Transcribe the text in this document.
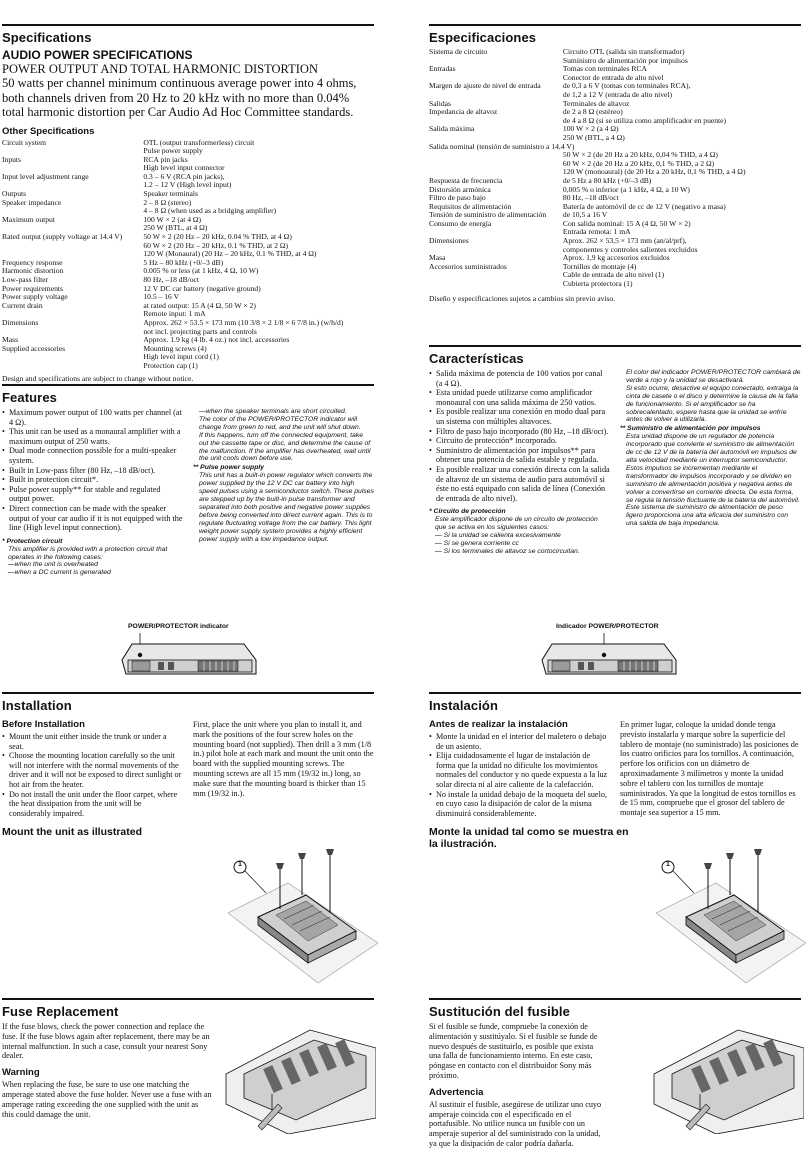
Specifications
AUDIO POWER SPECIFICATIONS
POWER OUTPUT AND TOTAL HARMONIC DISTORTION

50 watts per channel minimum continuous average power into 4 ohms, both channels driven from 20 Hz to 20 kHz with no more than 0.04% total harmonic distortion per Car Audio Ad Hoc Committee standards.

Other Specifications
Circuit system	OTL (output transformerless) circuit
	Pulse power supply
Inputs	RCA pin jacks
	High level input connector
Input level adjustment range	0.3 – 6 V (RCA pin jacks),
	1.2 – 12 V (High level input)
Outputs	Speaker terminals
Speaker impedance	2 – 8 Ω (stereo)
	4 – 8 Ω (when used as a bridging amplifier)
Maximum output	100 W × 2 (at 4 Ω)
	250 W (BTL, at 4 Ω)
Rated output (supply voltage at 14.4 V)	50 W × 2 (20 Hz – 20 kHz, 0.04 % THD, at 4 Ω)
	60 W × 2 (20 Hz – 20 kHz, 0.1 % THD, at 2 Ω)
	120 W (Monaural) (20 Hz – 20 kHz, 0.1 % THD, at 4 Ω)
Frequency response	5 Hz – 80 kHz (+0/–3 dB)
Harmonic distortion	0.005 % or less (at 1 kHz, 4 Ω, 10 W)
Low-pass filter	80 Hz, –18 dB/oct
Power requirements	12 V DC car battery (negative ground)
Power supply voltage	10.5 – 16 V
Current drain	at rated output: 15 A (4 Ω, 50 W × 2)
	Remote input: 1 mA
Dimensions	Approx. 262 × 53.5 × 173 mm (10 3/8 × 2 1/8 × 6 7/8 in.) (w/h/d)
	not incl. projecting parts and controls
Mass	Approx. 1.9 kg (4 lb. 4 oz.) not incl. accessories
Supplied accessories	Mounting screws (4)
	High level input cord (1)
	Protection cap (1)

Design and specifications are subject to change without notice.

Features
• Maximum power output of 100 watts per channel (at 4 Ω).
• This unit can be used as a monaural amplifier with a maximum output of 250 watts.
• Dual mode connection possible for a multi-speaker system.
• Built in Low-pass filter (80 Hz, –18 dB/oct).
• Built in protection circuit*.
• Pulse power supply** for stable and regulated output power.
• Direct connection can be made with the speaker output of your car audio if it is not equipped with the line (High level input connection).
* Protection circuit
This amplifier is provided with a protection circuit that operates in the following cases:
—when the unit is overheated
—when a DC current is generated
—when the speaker terminals are short circuited.
The color of the POWER/PROTECTOR indicator will change from green to red, and the unit will shut down.
If this happens, turn off the connected equipment, take out the cassette tape or disc, and determine the cause of the malfunction. If the amplifier has overheated, wait until the unit cools down before use.
** Pulse power supply
This unit has a built-in power regulator which converts the power supplied by the 12 V DC car battery into high speed pulses using a semiconductor switch. These pulses are stepped up by the built-in pulse transformer and separated into both positive and negative power supplies before being converted into direct current again. This is to regulate fluctuating voltage from the car battery. This light weight power supply system provides a highly efficient power supply with a low impedance output.
POWER/PROTECTOR indicator
Installation
Before Installation
• Mount the unit either inside the trunk or under a seat.
• Choose the mounting location carefully so the unit will not interfere with the normal movements of the driver and it will not be exposed to direct sunlight or hot air from the heater.
• Do not install the unit under the floor carpet, where the heat dissipation from the unit will be considerably impaired.

First, place the unit where you plan to install it, and mark the positions of the four screw holes on the mounting board (not supplied). Then drill a 3 mm (1/8 in.) pilot hole at each mark and mount the unit onto the board with the supplied mounting screws. The mounting screws are all 15 mm (19/32 in.) long, so make sure that the mounting board is thicker than 15 mm (19/32 in.).

Mount the unit as illustrated
1
Fuse Replacement

If the fuse blows, check the power connection and replace the fuse. If the fuse blows again after replacement, there may be an internal malfunction. In such a case, consult your nearest Sony dealer.

Warning

When replacing the fuse, be sure to use one matching the amperage stated above the fuse holder. Never use a fuse with an amperage rating exceeding the one supplied with the unit as this could damage the unit.

Especificaciones
Sistema de circuito	Circuito OTL (salida sin transformador)
	Suministro de alimentación por impulsos
Entradas	Tomas con terminales RCA
	Conector de entrada de alto nivel
Margen de ajuste de nivel de entrada	de 0,3 a 6 V (tomas con terminales RCA),
	de 1,2 a 12 V (entrada de alto nivel)
Salidas	Terminales de altavoz
Impedancia de altavoz	de 2 a 8 Ω (estéreo)
	de 4 a 8 Ω (si se utiliza como amplificador en puente)
Salida máxima	100 W × 2 (a 4 Ω)
	250 W (BTL, a 4 Ω)
Salida nominal (tensión de suministro a 14,4 V)	
	50 W × 2 (de 20 Hz a 20 kHz, 0,04 % THD, a 4 Ω)
	60 W × 2 (de 20 Hz a 20 kHz, 0,1 % THD, a 2 Ω)
	120 W (monoaural) (de 20 Hz a 20 kHz, 0,1 % THD, a 4 Ω)
Respuesta de frecuencia	de 5 Hz a 80 kHz (+0/–3 dB)
Distorsión armónica	0,005 % o inferior (a 1 kHz, 4 Ω, a 10 W)
Filtro de paso bajo	80 Hz, –18 dB/oct
Requisitos de alimentación	Batería de automóvil de cc de 12 V (negativo a masa)
Tensión de suministro de alimentación	de 10,5 a 16 V
Consumo de energía	Con salida nominal: 15 A (4 Ω, 50 W × 2)
	Entrada remota: 1 mA
Dimensiones	Aprox. 262 × 53,5 × 173 mm (an/al/prf),
	componentes y controles salientes excluidos
Masa	Aprox. 1,9 kg accesorios excluidos
Accesorios suministrados	Tornillos de montaje (4)
	Cable de entrada de alto nivel (1)
	Cubierta protectora (1)

Diseño y especificaciones sujetos a cambios sin previo aviso.

Características
• Salida máxima de potencia de 100 vatios por canal (a 4 Ω).
• Esta unidad puede utilizarse como amplificador monoaural con una salida máxima de 250 vatios.
• Es posible realizar una conexión en modo dual para un sistema con múltiples altavoces.
• Filtro de paso bajo incorporado (80 Hz, –18 dB/oct).
• Circuito de protección* incorporado.
• Suministro de alimentación por impulsos** para obtener una potencia de salida estable y regulada.
• Es posible realizar una conexión directa con la salida de altavoz de un sistema de audio para automóvil si éste no está equipado con salida de línea (Conexión de entrada de alto nivel).
* Circuito de protección
Este amplificador dispone de un circuito de protección que se activa en los siguientes casos:
— Si la unidad se calienta excesivamente
— Si se genera corriente cc
— Si los terminales de altavoz se cortocircuitan.
El color del indicador POWER/PROTECTOR cambiará de verde a rojo y la unidad se desactivará.
Si esto ocurre, desactive el equipo conectado, extraiga la cinta de casete o el disco y determine la causa de la falla de funcionamiento. Si el amplificador se ha sobrecalentado, espere hasta que la unidad se enfríe antes de volver a utilizarla.
** Suministro de alimentación por impulsos
Esta unidad dispone de un regulador de potencia incorporado que convierte el suministro de alimentación de cc de 12 V de la batería del automóvil en impulsos de alta velocidad mediante un interruptor semiconductor. Estos impulsos se incrementan mediante el transformador de impulsos incorporado y se dividen en suministro de alimentación positiva y negativa antes de volver a convertirse en corriente directa. De esta forma, se regula la tensión fluctuante de la batería del automóvil. Este sistema de suministro de alimentación de peso ligero proporciona una alta eficacia del suministro con una salida de baja impedancia.
Indicador POWER/PROTECTOR
Instalación
Antes de realizar la instalación
• Monte la unidad en el interior del maletero o debajo de un asiento.
• Elija cuidadosamente el lugar de instalación de forma que la unidad no dificulte los movimientos normales del conductor y no quede expuesta a la luz solar directa ni al aire caliente de la calefacción.
• No instale la unidad debajo de la moqueta del suelo, en cuyo caso la disipación de calor de la misma disminuirá considerablemente.

En primer lugar, coloque la unidad donde tenga previsto instalarla y marque sobre la superficie del tablero de montaje (no suministrado) las posiciones de los cuatro orificios para los tornillos. A continuación, perfore los orificios con un diámetro de aproximadamente 3 milímetros y monte la unidad sobre el tablero con los tornillos de montaje suministrados. Ya que la longitud de estos tornillos es de 15 mm, compruebe que el grosor del tablero de montaje sea superior a 15 mm.

Monte la unidad tal como se muestra en la ilustración.
1
Sustitución del fusible

Si el fusible se funde, compruebe la conexión de alimentación y sustitúyalo. Si el fusible se funde de nuevo después de sustituirlo, es posible que exista una falla de funcionamiento interno. En este caso, póngase en contacto con el distribuidor Sony más próximo.

Advertencia

Al sustituir el fusible, asegúrese de utilizar uno cuyo amperaje coincida con el especificado en el portafusible. No utilice nunca un fusible con un amperaje superior al del suministrado con la unidad, ya que la disipación de calor podría dañarla.
